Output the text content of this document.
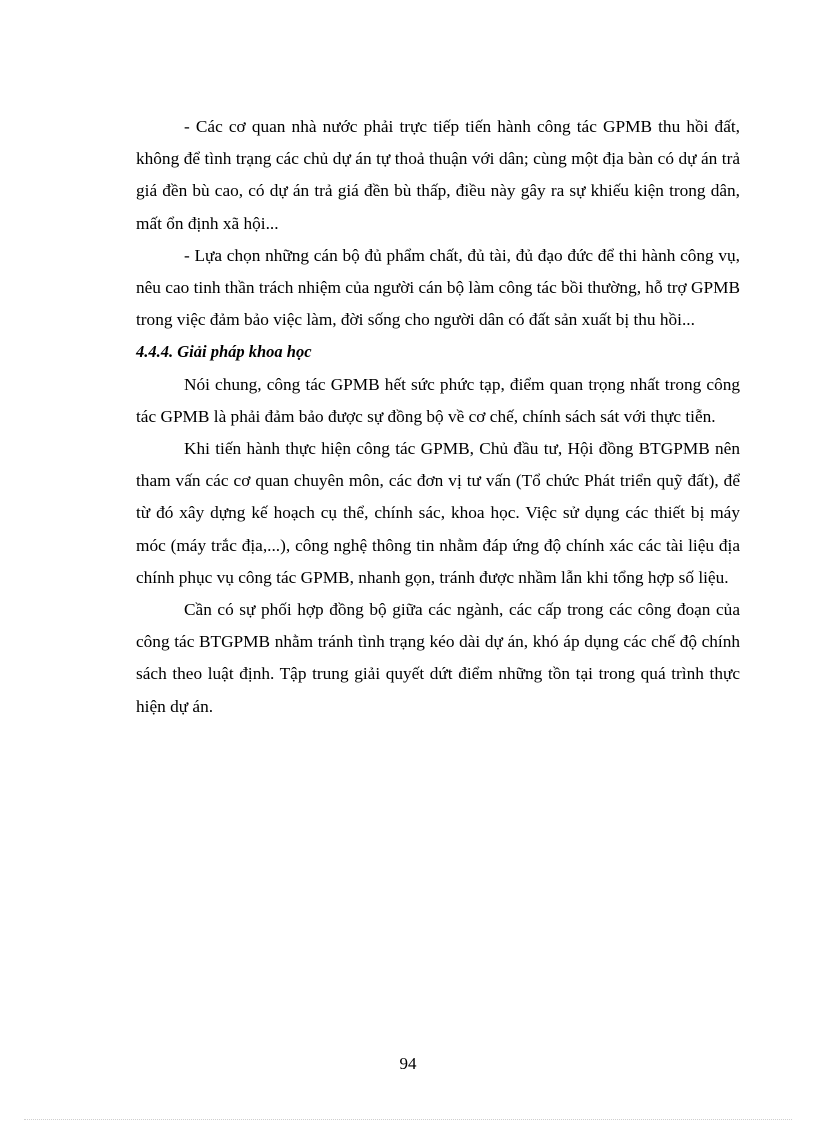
- Các cơ quan nhà nước phải trực tiếp tiến hành công tác GPMB thu hồi đất, không để tình trạng các chủ dự án tự thoả thuận với dân; cùng một địa bàn có dự án trả giá đền bù cao, có dự án trả giá đền bù thấp, điều này gây ra sự khiếu kiện trong dân, mất ổn định xã hội...

- Lựa chọn những cán bộ đủ phẩm chất, đủ tài, đủ đạo đức để thi hành công vụ, nêu cao tinh thần trách nhiệm của người cán bộ làm công tác bồi thường, hỗ trợ GPMB trong việc đảm bảo việc làm, đời sống cho người dân có đất sản xuất bị thu hồi...

4.4.4. Giải pháp khoa học

Nói chung, công tác GPMB hết sức phức tạp, điểm quan trọng nhất trong công tác GPMB là phải đảm bảo được sự đồng bộ về cơ chế, chính sách sát với thực tiễn.

Khi tiến hành thực hiện công tác GPMB, Chủ đầu tư, Hội đồng BTGPMB nên tham vấn các cơ quan chuyên môn, các đơn vị tư vấn (Tổ chức Phát triển quỹ đất), để từ đó xây dựng kế hoạch cụ thể, chính sác, khoa học. Việc sử dụng các thiết bị máy móc (máy trắc địa,...), công nghệ thông tin nhằm đáp ứng độ chính xác các tài liệu địa chính phục vụ công tác GPMB, nhanh gọn, tránh được nhầm lẫn khi tổng hợp số liệu.

Cần có sự phối hợp đồng bộ giữa các ngành, các cấp trong các công đoạn của công tác BTGPMB nhằm tránh tình trạng kéo dài dự án, khó áp dụng các chế độ chính sách theo luật định. Tập trung giải quyết dứt điểm những tồn tại trong quá trình thực hiện dự án.

94
